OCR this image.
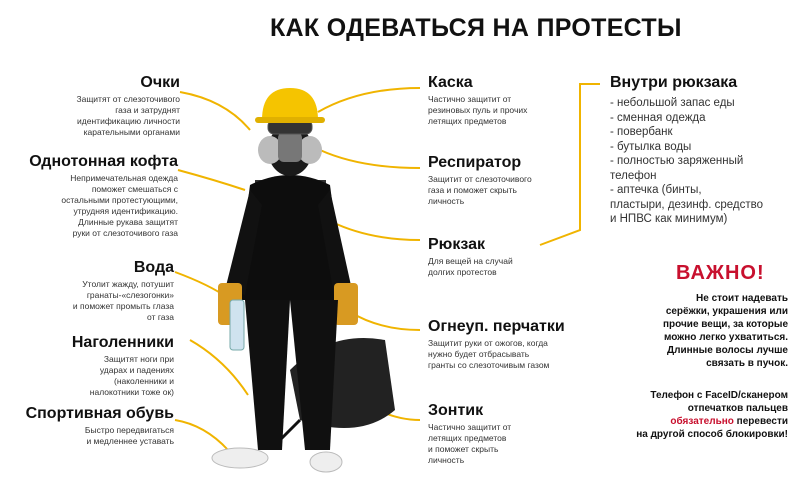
КАК ОДЕВАТЬСЯ НА ПРОТЕСТЫ
Очки
Защитят от слезоточивого
газа и затруднят
идентификацию личности
карательными органами
Однотонная кофта
Непримечательная одежда
поможет смешаться с
остальными протестующими,
утрудняя идентификацию.
Длинные рукава защитят
руки от слезоточивого газа
Вода
Утолит жажду, потушит
гранаты-«слезогонки»
и поможет промыть глаза
от газа
Наголенники
Защитят ноги при
ударах и падениях
(наколенники и
налокотники тоже ок)
Спортивная обувь
Быстро передвигаться
и медленнее уставать
Каска
Частично защитит от
резиновых пуль и прочих
летящих предметов
Респиратор
Защитит от слезоточивого
газа и поможет скрыть
личность
Рюкзак
Для вещей на случай
долгих протестов
Огнеуп. перчатки
Защитит руки от ожогов, когда
нужно будет отбрасывать
гранты со слезоточивым газом
Зонтик
Частично защитит от
летящих предметов
и поможет скрыть
личность
Внутри рюкзака
- небольшой запас еды
- сменная одежда
- повербанк
- бутылка воды
- полностью заряженный
телефон
- аптечка (бинты,
пластыри, дезинф. средство
и НПВС как минимум)
ВАЖНО!
Не стоит надевать
серёжки, украшения или
прочие вещи, за которые
можно легко ухватиться.
Длинные волосы лучше
связать в пучок.
Телефон с FaceID/сканером
отпечатков пальцев
обязательно перевести
на другой способ блокировки!
